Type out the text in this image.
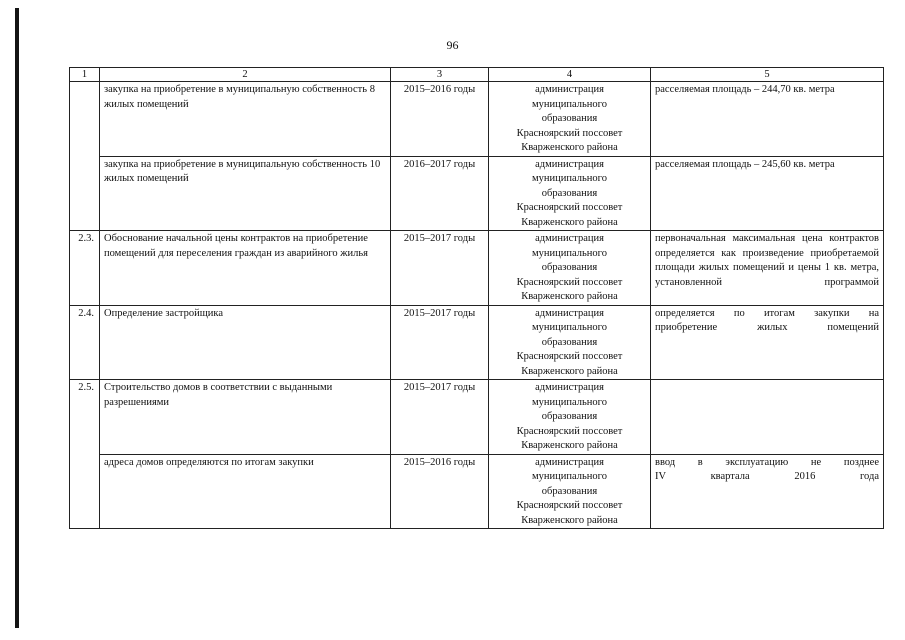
96
1	2	3	4	5
	закупка на приобретение в муниципальную собственность 8 жилых помещений	2015–2016 годы	администрация
муниципального
образования
Красноярский поссовет
Кварженского района	расселяемая площадь – 244,70 кв. метра
	закупка на приобретение в муниципальную собственность 10 жилых помещений	2016–2017 годы	администрация
муниципального
образования
Красноярский поссовет
Кварженского района	расселяемая площадь – 245,60 кв. метра
2.3.	Обоснование начальной цены контрактов на приобретение помещений для переселения граждан из аварийного жилья	2015–2017 годы	администрация
муниципального
образования
Красноярский поссовет
Кварженского района	первоначальная максимальная цена контрактов определяется как произведение приобретаемой площади жилых помещений и цены 1 кв. метра,
установленной программой

2.4.	Определение застройщика	2015–2017 годы	администрация
муниципального
образования
Красноярский поссовет
Кварженского района	определяется по итогам закупки на
приобретение жилых помещений

2.5.	Строительство домов в соответствии с выданными разрешениями	2015–2017 годы	администрация
муниципального
образования
Красноярский поссовет
Кварженского района	
	адреса домов определяются по итогам закупки	2015–2016 годы	администрация
муниципального
образования
Красноярский поссовет
Кварженского района	ввод в эксплуатацию не позднее
IV квартала 2016 года
